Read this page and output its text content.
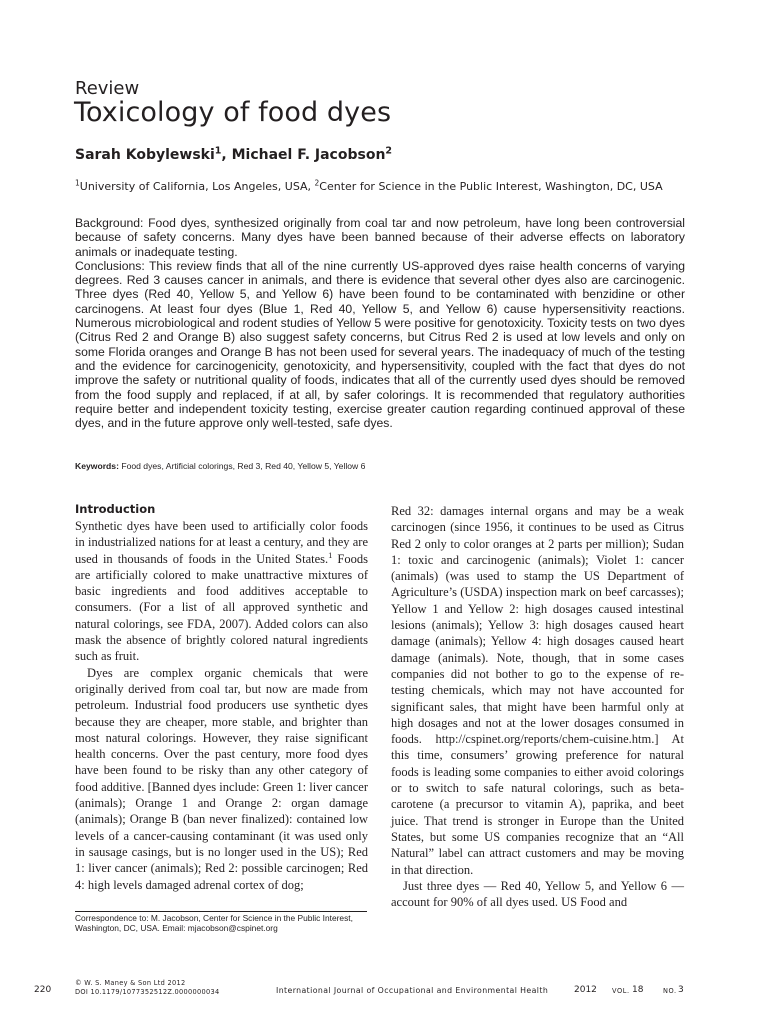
Review
Toxicology of food dyes
Sarah Kobylewski$^1$, Michael F. Jacobson$^2$
$^1$University of California, Los Angeles, USA, $^2$Center for Science in the Public Interest, Washington, DC, USA
Background: Food dyes, synthesized originally from coal tar and now petroleum, have long been controversial because of safety concerns. Many dyes have been banned because of their adverse effects on laboratory animals or inadequate testing.
Conclusions: This review finds that all of the nine currently US-approved dyes raise health concerns of varying degrees. Red 3 causes cancer in animals, and there is evidence that several other dyes also are carcinogenic. Three dyes (Red 40, Yellow 5, and Yellow 6) have been found to be contaminated with benzidine or other carcinogens. At least four dyes (Blue 1, Red 40, Yellow 5, and Yellow 6) cause hypersensitivity reactions. Numerous microbiological and rodent studies of Yellow 5 were positive for genotoxicity. Toxicity tests on two dyes (Citrus Red 2 and Orange B) also suggest safety concerns, but Citrus Red 2 is used at low levels and only on some Florida oranges and Orange B has not been used for several years. The inadequacy of much of the testing and the evidence for carcinogenicity, genotoxicity, and hypersensitivity, coupled with the fact that dyes do not improve the safety or nutritional quality of foods, indicates that all of the currently used dyes should be removed from the food supply and replaced, if at all, by safer colorings. It is recommended that regulatory authorities require better and independent toxicity testing, exercise greater caution regarding continued approval of these dyes, and in the future approve only well-tested, safe dyes.
Keywords: Food dyes, Artificial colorings, Red 3, Red 40, Yellow 5, Yellow 6
Introduction

Synthetic dyes have been used to artificially color foods in industrialized nations for at least a century, and they are used in thousands of foods in the United States.$^1$ Foods are artificially colored to make unattractive mixtures of basic ingredients and food additives acceptable to consumers. (For a list of all approved synthetic and natural colorings, see FDA, 2007). Added colors can also mask the absence of brightly colored natural ingredients such as fruit.

Dyes are complex organic chemicals that were originally derived from coal tar, but now are made from petroleum. Industrial food producers use synthetic dyes because they are cheaper, more stable, and brighter than most natural colorings. However, they raise significant health concerns. Over the past century, more food dyes have been found to be risky than any other category of food additive. [Banned dyes include: Green 1: liver cancer (animals); Orange 1 and Orange 2: organ damage (animals); Orange B (ban never finalized): contained low levels of a cancer-causing contaminant (it was used only in sausage casings, but is no longer used in the US); Red 1: liver cancer (animals); Red 2: possible carcinogen; Red 4: high levels damaged adrenal cortex of dog;

Red 32: damages internal organs and may be a weak carcinogen (since 1956, it continues to be used as Citrus Red 2 only to color oranges at 2 parts per million); Sudan 1: toxic and carcinogenic (animals); Violet 1: cancer (animals) (was used to stamp the US Department of Agriculture’s (USDA) inspection mark on beef carcasses); Yellow 1 and Yellow 2: high dosages caused intestinal lesions (animals); Yellow 3: high dosages caused heart damage (animals); Yellow 4: high dosages caused heart damage (animals). Note, though, that in some cases companies did not bother to go to the expense of re-testing chemicals, which may not have accounted for significant sales, that might have been harmful only at high dosages and not at the lower dosages consumed in foods. http://cspinet.org/reports/chem-cuisine.htm.] At this time, consumers’ growing preference for natural foods is leading some companies to either avoid colorings or to switch to safe natural colorings, such as beta-carotene (a precursor to vitamin A), paprika, and beet juice. That trend is stronger in Europe than the United States, but some US companies recognize that an “All Natural” label can attract customers and may be moving in that direction.

Just three dyes — Red 40, Yellow 5, and Yellow 6 — account for 90% of all dyes used. US Food and

Correspondence to: M. Jacobson, Center for Science in the Public Interest, Washington, DC, USA. Email: mjacobson@cspinet.org
220
© W. S. Maney & Son Ltd 2012
DOI 10.1179/1077352512Z.0000000034	International Journal of Occupational and Environmental Health	2012 VOL. 18	NO. 3
